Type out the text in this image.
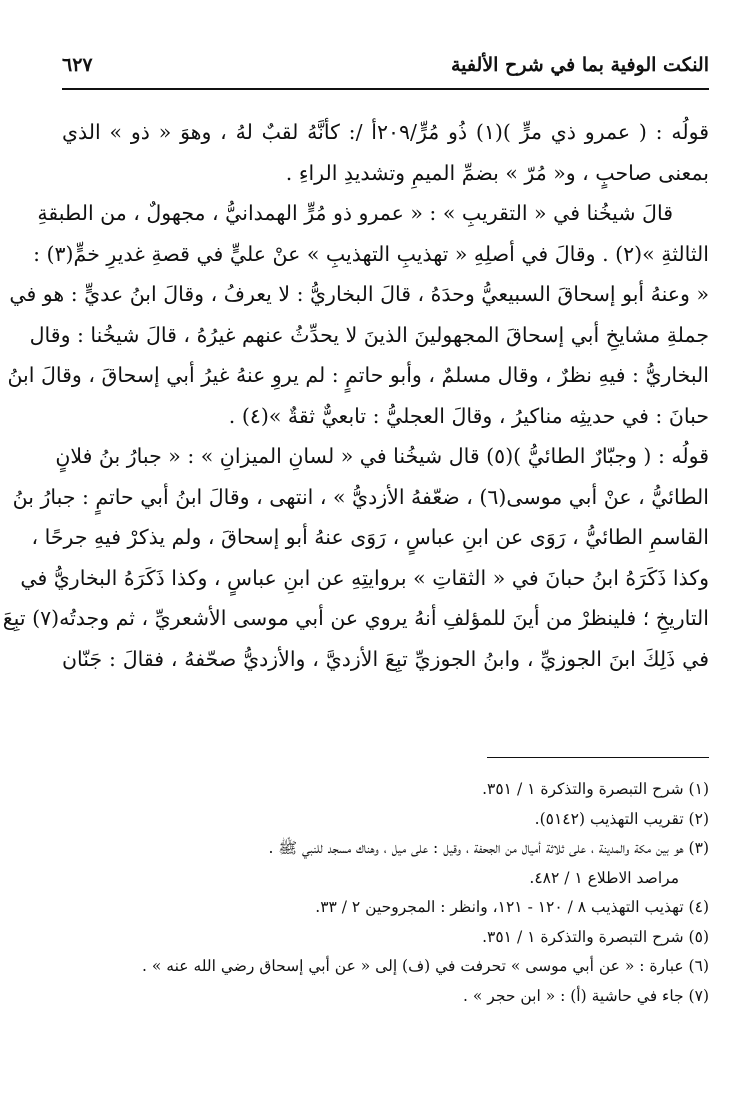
النكت الوفية بما في شرح الألفية
٦٢٧
قولُه : ( عمرو ذي مرٍّ )(١) ذُو مُرٍّ/٢٠٩أ /: كأنَّهُ لقبٌ لهُ ، وهوَ « ذو » الذي
بمعنى صاحبٍ ، و« مُرّ » بضمِّ الميمِ وتشديدِ الراءِ .
قالَ شيخُنا في « التقريبِ » : « عمرو ذو مُرٍّ الهمدانيُّ ، مجهولٌ ، من الطبقةِ
الثالثةِ »(٢) . وقالَ في أصلِهِ « تهذيبِ التهذيبِ » عنْ عليٍّ في قصةِ غديرِ خمٍّ(٣) :
« وعنهُ أبو إسحاقَ السبيعيُّ وحدَهُ ، قالَ البخاريُّ : لا يعرفُ ، وقالَ ابنُ عديٍّ : هو في
جملةِ مشايخِ أبي إسحاقَ المجهولينَ الذينَ لا يحدِّثُ عنهم غيرُهُ ، قالَ شيخُنا : وقال
البخاريُّ : فيهِ نظرٌ ، وقال مسلمٌ ، وأبو حاتمٍ : لم يروِ عنهُ غيرُ أبي إسحاقَ ، وقالَ ابنُ
حبانَ : في حديثِه مناكيرُ ، وقالَ العجليُّ : تابعيٌّ ثقةٌ »(٤) .
قولُه : ( وجبّارٌ الطائيُّ )(٥) قال شيخُنا في « لسانِ الميزانِ » : « جبارُ بنُ فلانٍ
الطائيُّ ، عنْ أبي موسى(٦) ، ضعّفهُ الأزديُّ » ، انتهى ، وقالَ ابنُ أبي حاتمٍ : جبارُ بنُ
القاسمِ الطائيُّ ، رَوَى عن ابنِ عباسٍ ، رَوَى عنهُ أبو إسحاقَ ، ولم يذكرْ فيهِ جرحًا ،
وكذا ذَكَرَهُ ابنُ حبانَ في « الثقاتِ » بروايتِهِ عن ابنِ عباسٍ ، وكذا ذَكَرَهُ البخاريُّ في
التاريخِ ؛ فلينظرْ من أينَ للمؤلفِ أنهُ يروي عن أبي موسى الأشعريِّ ، ثم وجدتُه(٧) تبِعَ
في ذَلِكَ ابنَ الجوزيِّ ، وابنُ الجوزيِّ تبِعَ الأزديَّ ، والأزديُّ صحّفهُ ، فقالَ : جَنّان
(١) شرح التبصرة والتذكرة ١ / ٣٥١.
(٢) تقريب التهذيب (٥١٤٢).
(٣) هو بين مكة والمدينة ، على ثلاثة أميال من الجحفة ، وقيل : على ميل ، وهناك مسجد للنبي ﷺ .
مراصد الاطلاع ١ / ٤٨٢.
(٤) تهذيب التهذيب ٨ / ١٢٠ - ١٢١، وانظر : المجروحين ٢ / ٣٣.
(٥) شرح التبصرة والتذكرة ١ / ٣٥١.
(٦) عبارة : « عن أبي موسى » تحرفت في (ف) إلى « عن أبي إسحاق رضي الله عنه » .
(٧) جاء في حاشية (أ) : « ابن حجر » .
